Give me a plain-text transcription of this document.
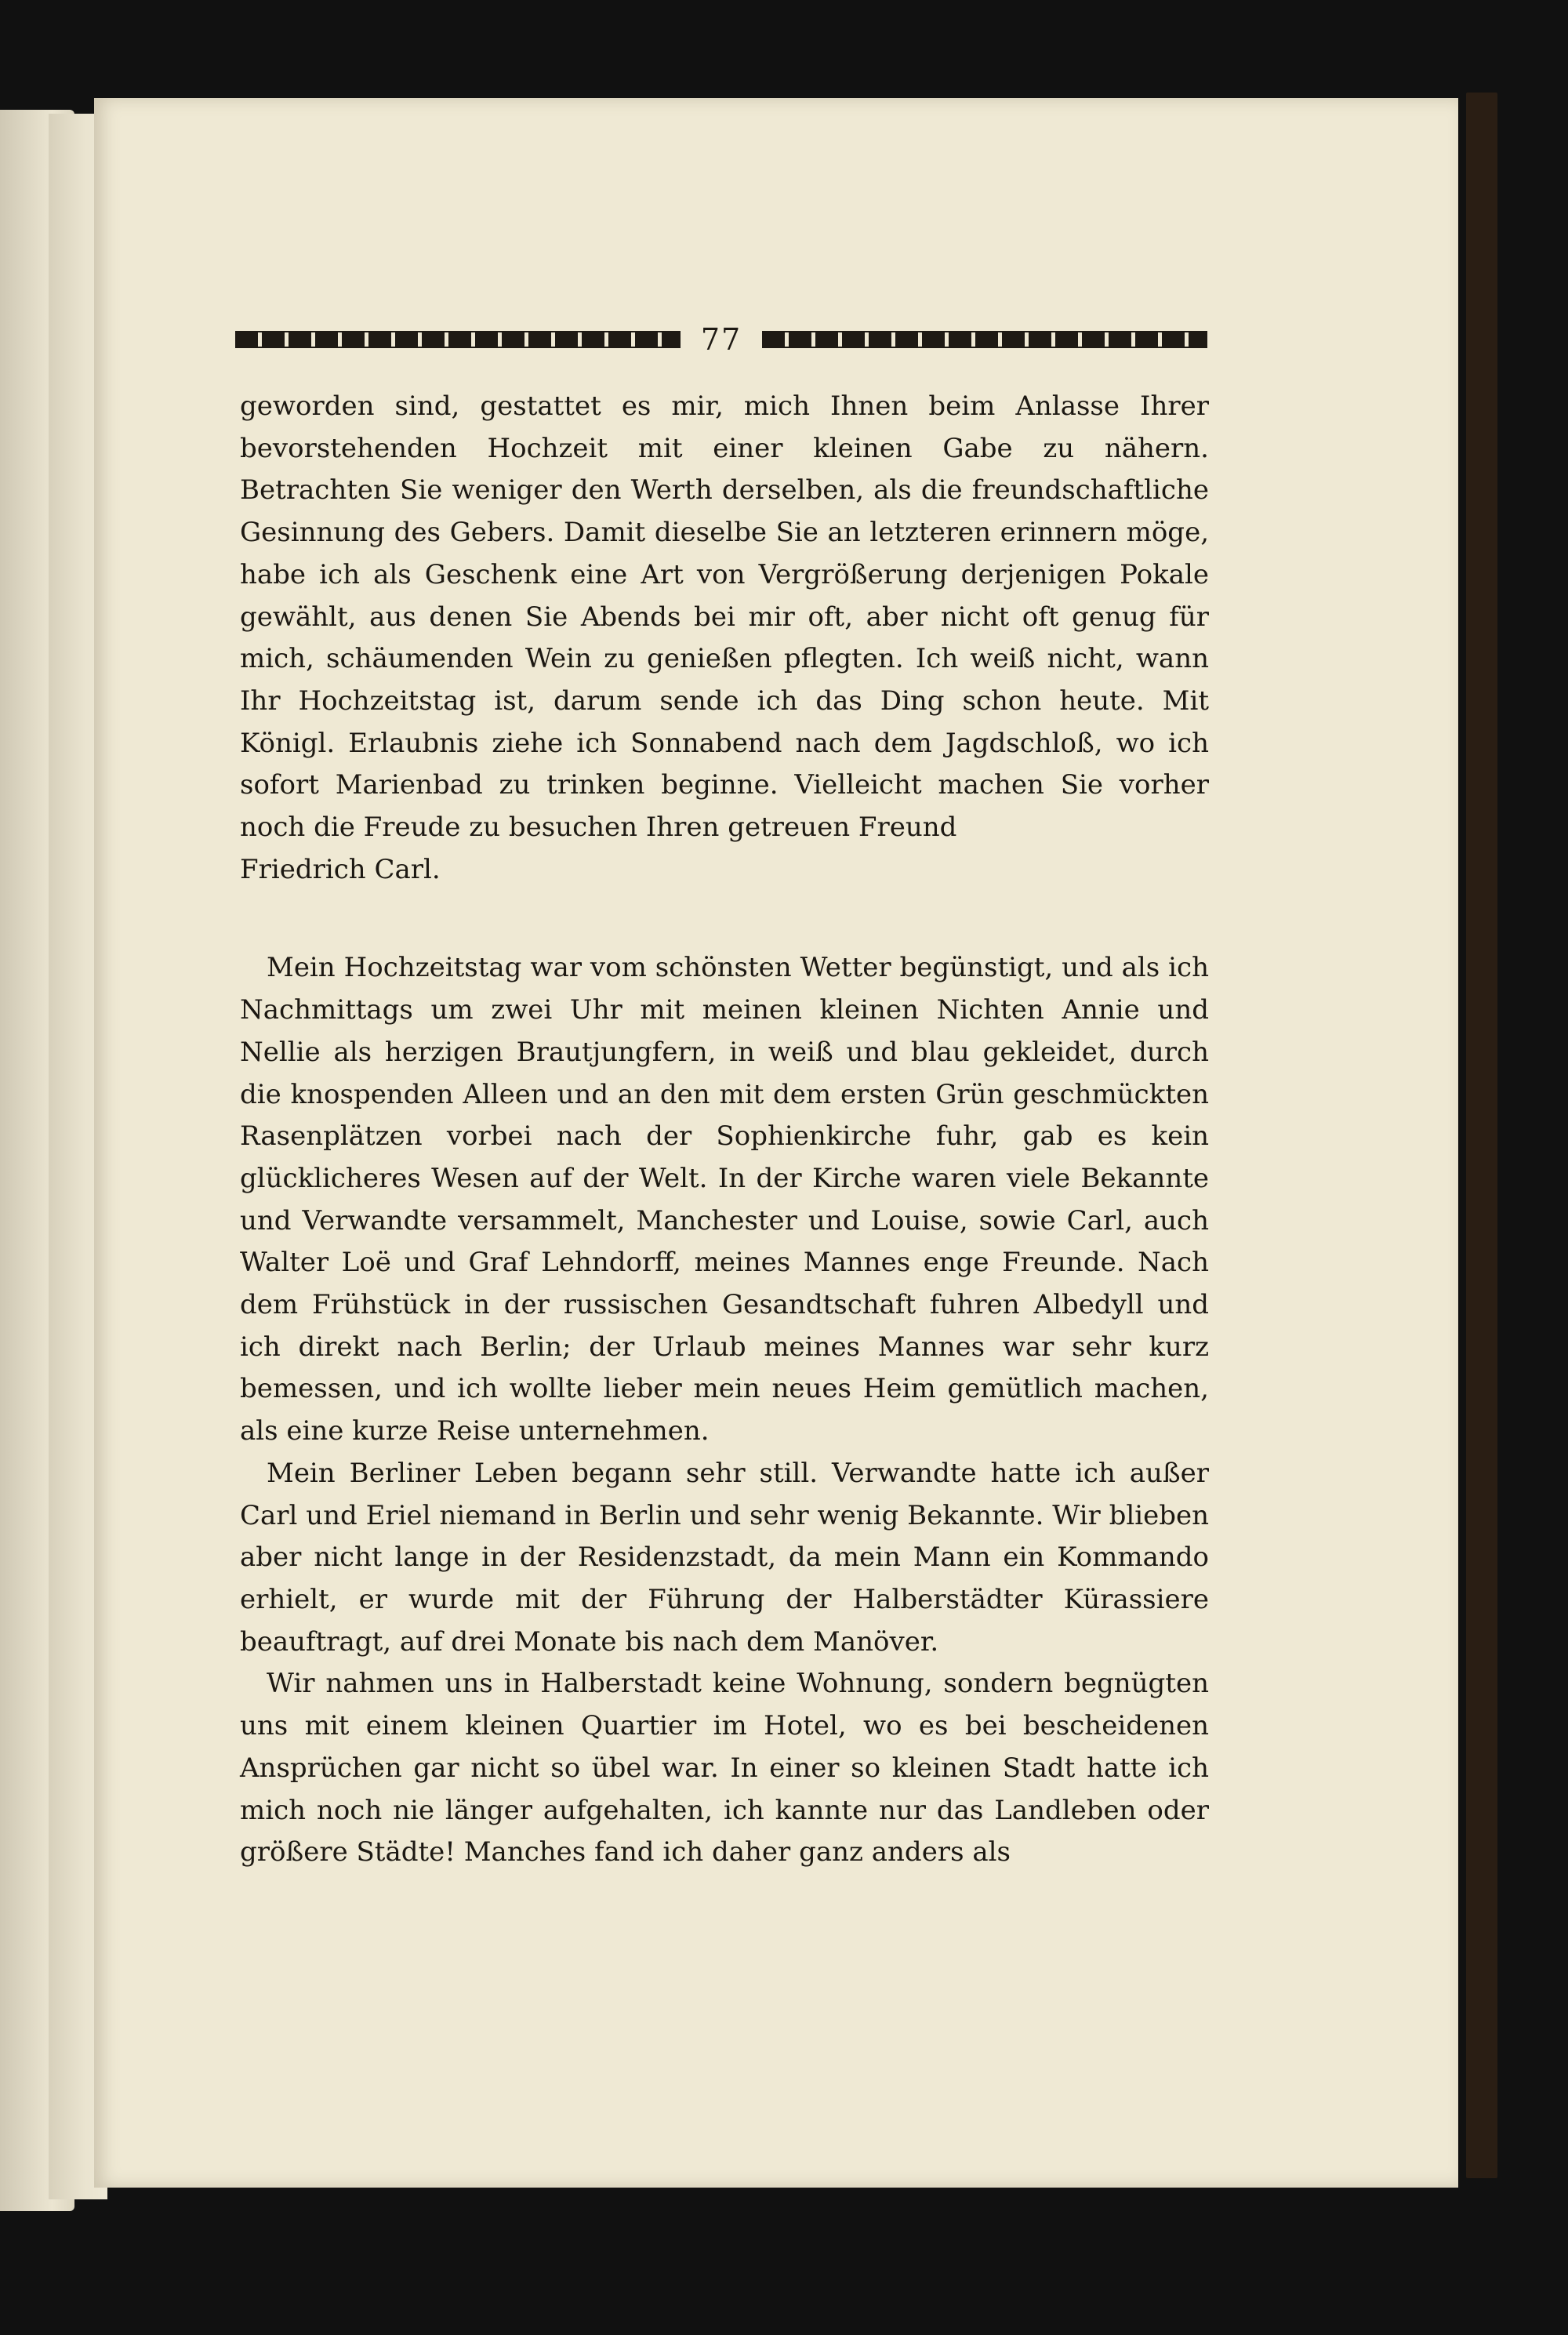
77

geworden sind, gestattet es mir, mich Ihnen beim Anlasse Ihrer bevorstehenden Hochzeit mit einer kleinen Gabe zu nähern. Betrachten Sie weniger den Werth derselben, als die freundschaftliche Gesinnung des Gebers. Damit dieselbe Sie an letzteren erinnern möge, habe ich als Geschenk eine Art von Vergrößerung derjenigen Pokale gewählt, aus denen Sie Abends bei mir oft, aber nicht oft genug für mich, schäumenden Wein zu genießen pflegten. Ich weiß nicht, wann Ihr Hochzeitstag ist, darum sende ich das Ding schon heute. Mit Königl. Erlaubnis ziehe ich Sonnabend nach dem Jagdschloß, wo ich sofort Marienbad zu trinken beginne. Vielleicht machen Sie vorher noch die Freude zu besuchen Ihren getreuen Freund

Friedrich Carl.

Mein Hochzeitstag war vom schönsten Wetter begünstigt, und als ich Nachmittags um zwei Uhr mit meinen kleinen Nichten Annie und Nellie als herzigen Brautjungfern, in weiß und blau gekleidet, durch die knospenden Alleen und an den mit dem ersten Grün geschmückten Rasenplätzen vorbei nach der Sophienkirche fuhr, gab es kein glücklicheres Wesen auf der Welt. In der Kirche waren viele Bekannte und Verwandte versammelt, Manchester und Louise, sowie Carl, auch Walter Loë und Graf Lehndorff, meines Mannes enge Freunde. Nach dem Frühstück in der russischen Gesandtschaft fuhren Albedyll und ich direkt nach Berlin; der Urlaub meines Mannes war sehr kurz bemessen, und ich wollte lieber mein neues Heim gemütlich machen, als eine kurze Reise unternehmen.

Mein Berliner Leben begann sehr still. Verwandte hatte ich außer Carl und Eriel niemand in Berlin und sehr wenig Bekannte. Wir blieben aber nicht lange in der Residenzstadt, da mein Mann ein Kommando erhielt, er wurde mit der Führung der Halberstädter Kürassiere beauftragt, auf drei Monate bis nach dem Manöver.

Wir nahmen uns in Halberstadt keine Wohnung, sondern begnügten uns mit einem kleinen Quartier im Hotel, wo es bei bescheidenen Ansprüchen gar nicht so übel war. In einer so kleinen Stadt hatte ich mich noch nie länger aufgehalten, ich kannte nur das Landleben oder größere Städte! Manches fand ich daher ganz anders als
